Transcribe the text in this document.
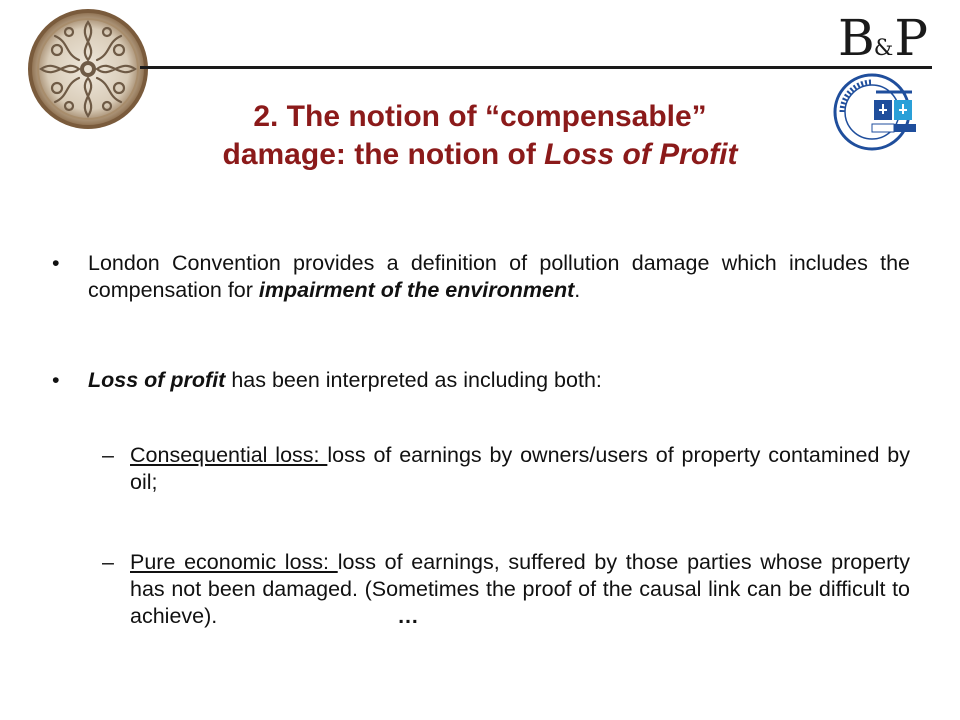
B&P
2. The notion of “compensable”
damage: the notion of Loss of Profit
• London Convention provides a definition of pollution damage which includes the compensation for impairment of the environment.
• Loss of profit has been interpreted as including both:
– Consequential loss: loss of earnings by owners/users of property contamined by oil;
– Pure economic loss: loss of earnings, suffered by those parties whose property has not been damaged. (Sometimes the proof of the causal link can be difficult to achieve).	…
